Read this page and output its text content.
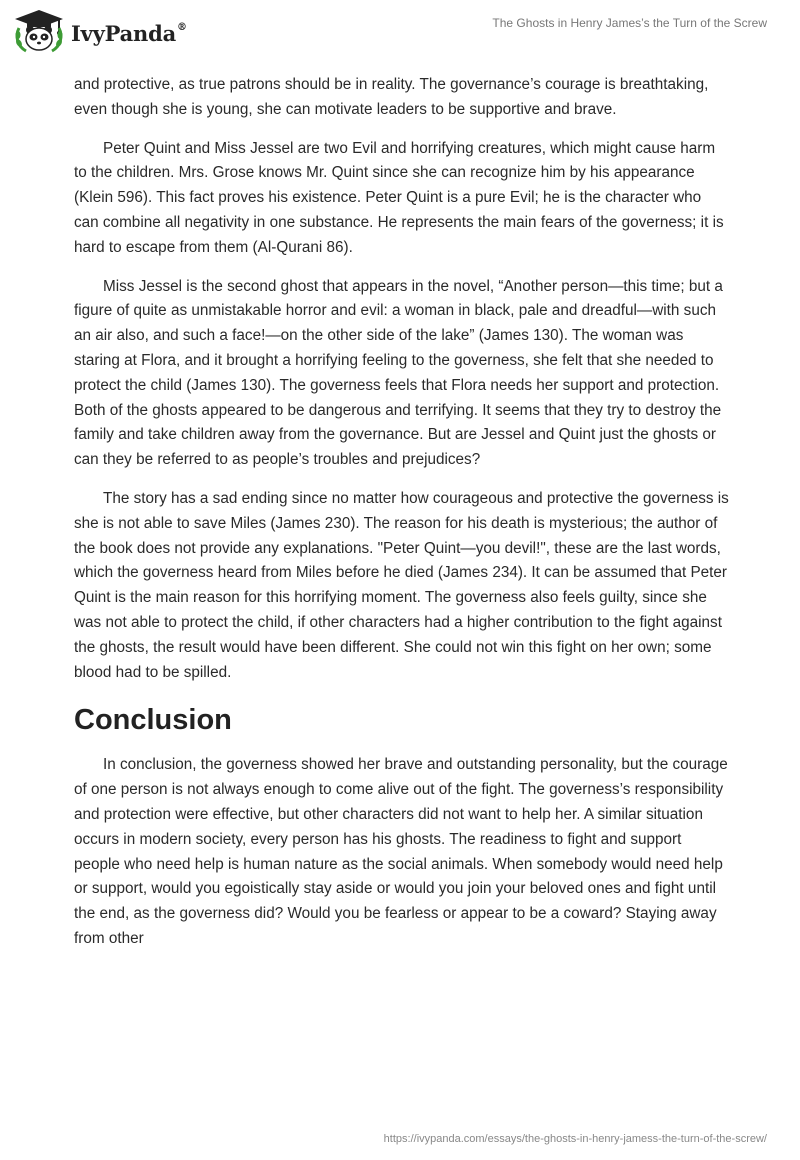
IvyPanda®	The Ghosts in Henry James’s the Turn of the Screw

and protective, as true patrons should be in reality. The governance’s courage is breathtaking, even though she is young, she can motivate leaders to be supportive and brave.

Peter Quint and Miss Jessel are two Evil and horrifying creatures, which might cause harm to the children. Mrs. Grose knows Mr. Quint since she can recognize him by his appearance (Klein 596). This fact proves his existence. Peter Quint is a pure Evil; he is the character who can combine all negativity in one substance. He represents the main fears of the governess; it is hard to escape from them (Al-Qurani 86).

Miss Jessel is the second ghost that appears in the novel, “Another person—this time; but a figure of quite as unmistakable horror and evil: a woman in black, pale and dreadful—with such an air also, and such a face!—on the other side of the lake” (James 130). The woman was staring at Flora, and it brought a horrifying feeling to the governess, she felt that she needed to protect the child (James 130). The governess feels that Flora needs her support and protection. Both of the ghosts appeared to be dangerous and terrifying. It seems that they try to destroy the family and take children away from the governance. But are Jessel and Quint just the ghosts or can they be referred to as people’s troubles and prejudices?

The story has a sad ending since no matter how courageous and protective the governess is she is not able to save Miles (James 230). The reason for his death is mysterious; the author of the book does not provide any explanations. "Peter Quint—you devil!", these are the last words, which the governess heard from Miles before he died (James 234). It can be assumed that Peter Quint is the main reason for this horrifying moment. The governess also feels guilty, since she was not able to protect the child, if other characters had a higher contribution to the fight against the ghosts, the result would have been different. She could not win this fight on her own; some blood had to be spilled.

Conclusion

In conclusion, the governess showed her brave and outstanding personality, but the courage of one person is not always enough to come alive out of the fight. The governess’s responsibility and protection were effective, but other characters did not want to help her. A similar situation occurs in modern society, every person has his ghosts. The readiness to fight and support people who need help is human nature as the social animals. When somebody would need help or support, would you egoistically stay aside or would you join your beloved ones and fight until the end, as the governess did? Would you be fearless or appear to be a coward? Staying away from other

https://ivypanda.com/essays/the-ghosts-in-henry-jamess-the-turn-of-the-screw/
